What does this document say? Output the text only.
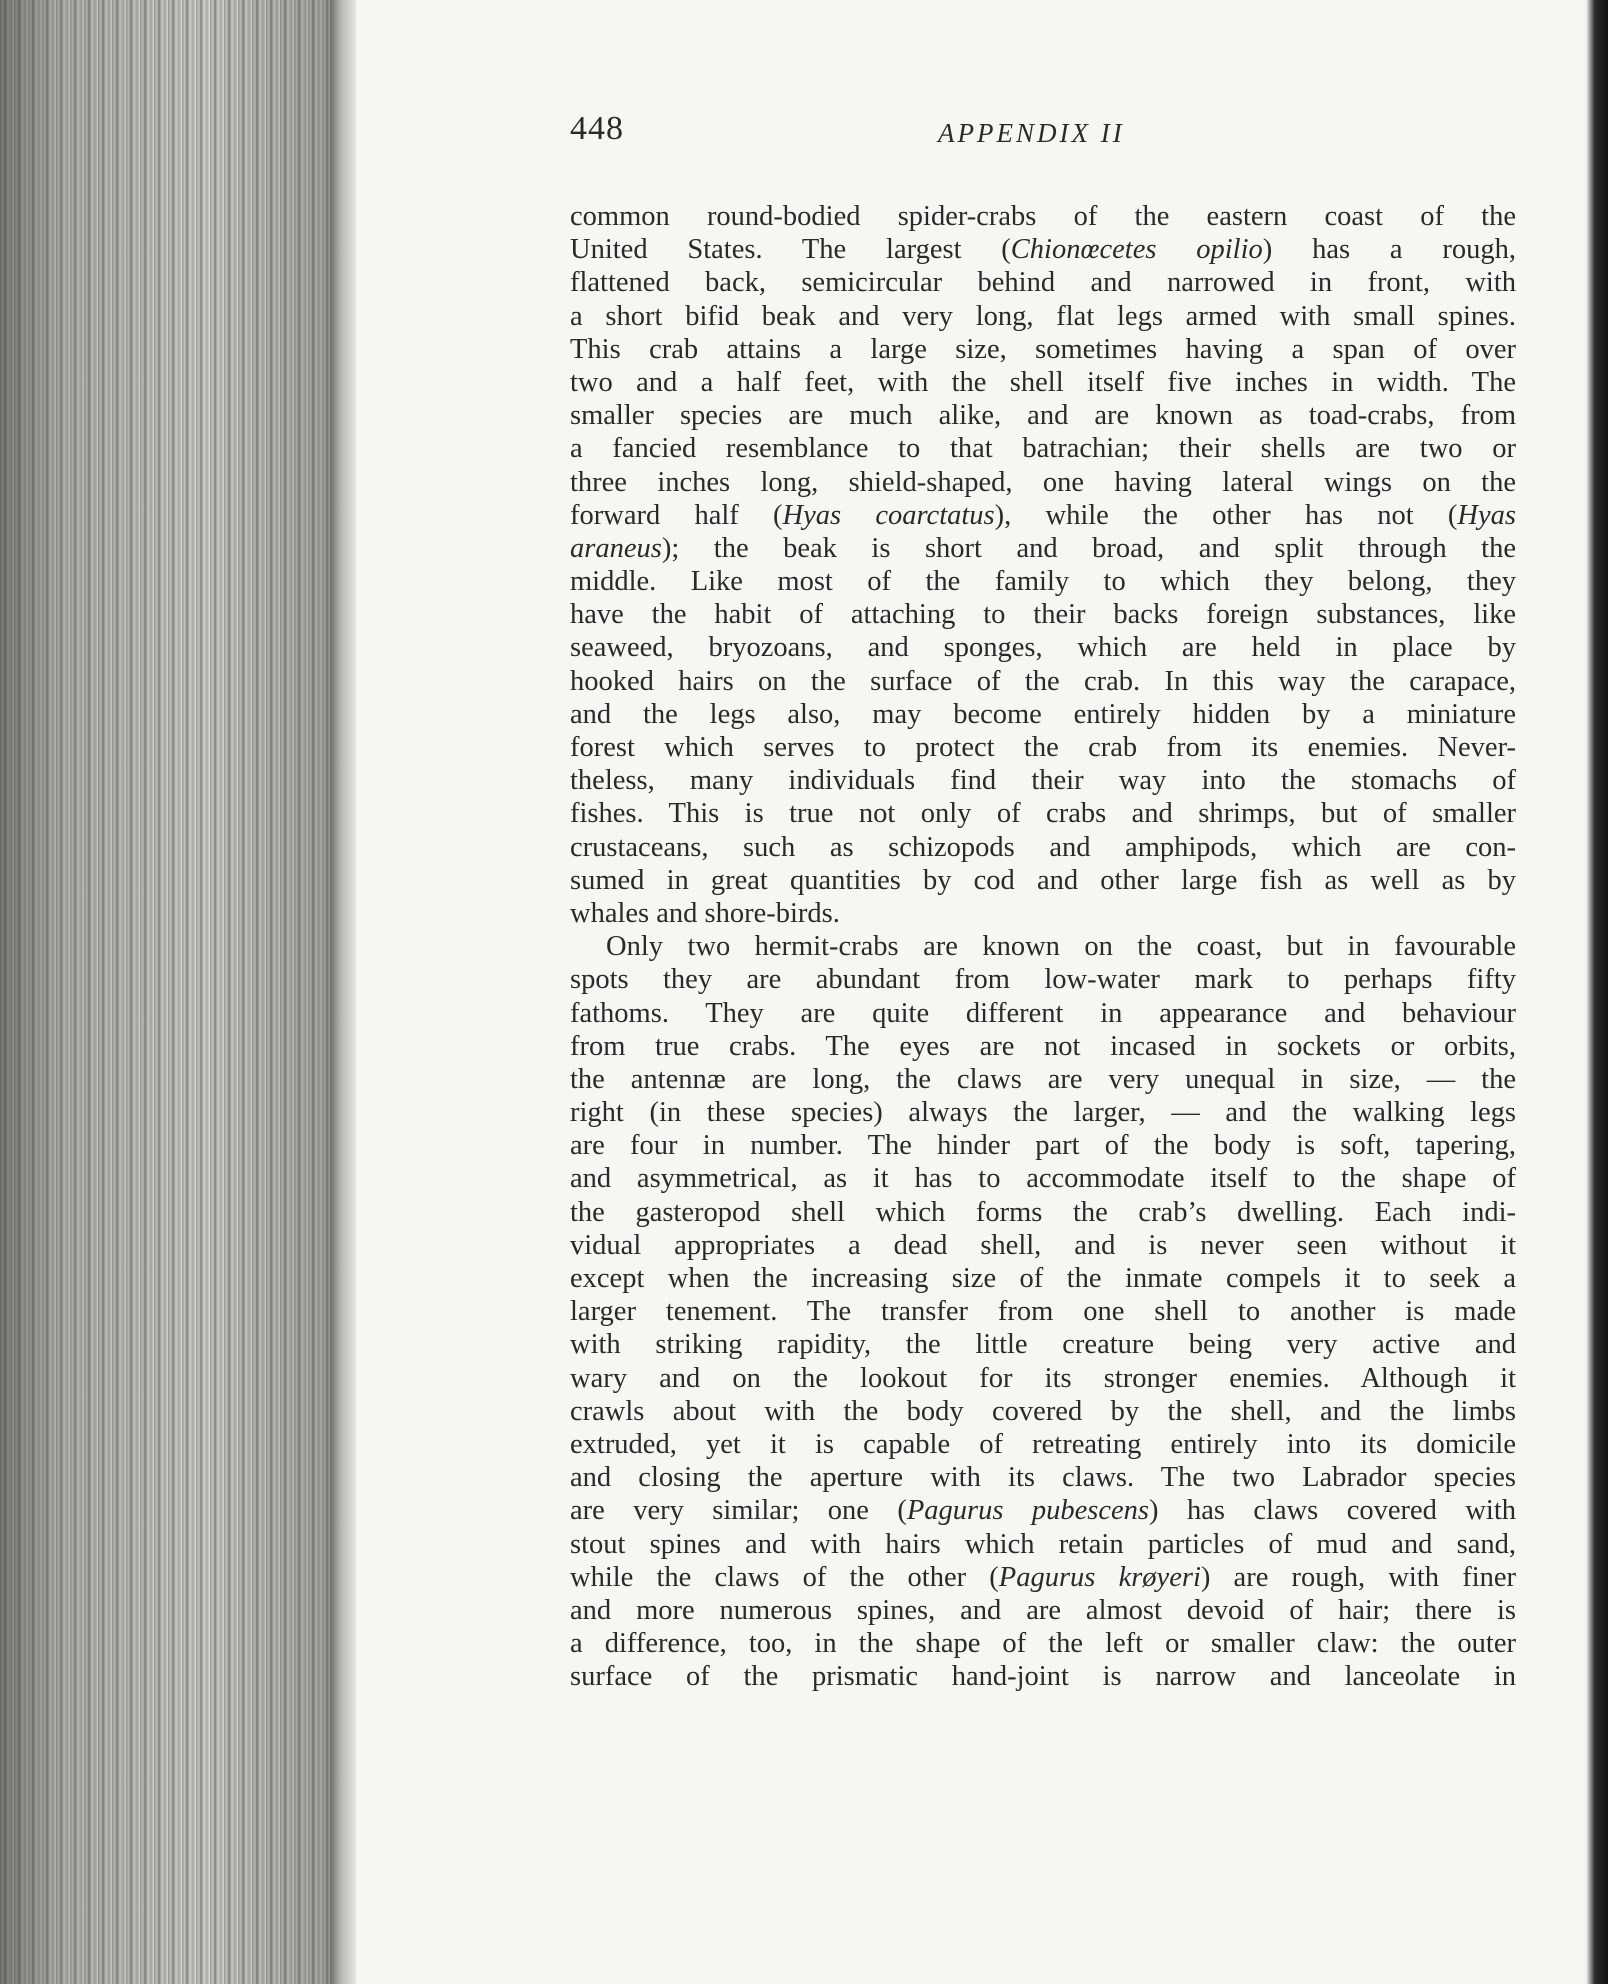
448	APPENDIX II
common round-bodied spider-crabs of the eastern coast of the
United States. The largest (Chionœcetes opilio) has a rough,
flattened back, semicircular behind and narrowed in front, with
a short bifid beak and very long, flat legs armed with small spines.
This crab attains a large size, sometimes having a span of over
two and a half feet, with the shell itself five inches in width. The
smaller species are much alike, and are known as toad-crabs, from
a fancied resemblance to that batrachian; their shells are two or
three inches long, shield-shaped, one having lateral wings on the
forward half (Hyas coarctatus), while the other has not (Hyas
araneus); the beak is short and broad, and split through the
middle. Like most of the family to which they belong, they
have the habit of attaching to their backs foreign substances, like
seaweed, bryozoans, and sponges, which are held in place by
hooked hairs on the surface of the crab. In this way the carapace,
and the legs also, may become entirely hidden by a miniature
forest which serves to protect the crab from its enemies. Never-
theless, many individuals find their way into the stomachs of
fishes. This is true not only of crabs and shrimps, but of smaller
crustaceans, such as schizopods and amphipods, which are con-
sumed in great quantities by cod and other large fish as well as by
whales and shore-birds.
Only two hermit-crabs are known on the coast, but in favourable
spots they are abundant from low-water mark to perhaps fifty
fathoms. They are quite different in appearance and behaviour
from true crabs. The eyes are not incased in sockets or orbits,
the antennæ are long, the claws are very unequal in size, — the
right (in these species) always the larger, — and the walking legs
are four in number. The hinder part of the body is soft, tapering,
and asymmetrical, as it has to accommodate itself to the shape of
the gasteropod shell which forms the crab’s dwelling. Each indi-
vidual appropriates a dead shell, and is never seen without it
except when the increasing size of the inmate compels it to seek a
larger tenement. The transfer from one shell to another is made
with striking rapidity, the little creature being very active and
wary and on the lookout for its stronger enemies. Although it
crawls about with the body covered by the shell, and the limbs
extruded, yet it is capable of retreating entirely into its domicile
and closing the aperture with its claws. The two Labrador species
are very similar; one (Pagurus pubescens) has claws covered with
stout spines and with hairs which retain particles of mud and sand,
while the claws of the other (Pagurus krøyeri) are rough, with finer
and more numerous spines, and are almost devoid of hair; there is
a difference, too, in the shape of the left or smaller claw: the outer
surface of the prismatic hand-joint is narrow and lanceolate in
